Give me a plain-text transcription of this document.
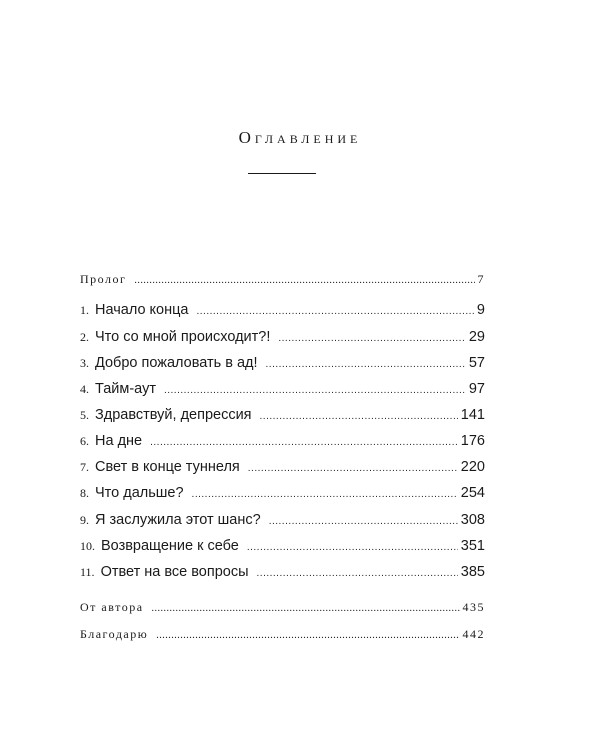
Оглавление
Пролог .....	7
1. Начало конца .....	9
2. Что со мной происходит?! .....	29
3. Добро пожаловать в ад! .....	57
4. Тайм-аут .....	97
5. Здравствуй, депрессия .....	141
6. На дне .....	176
7. Свет в конце туннеля .....	220
8. Что дальше? .....	254
9. Я заслужила этот шанс? .....	308
10. Возвращение к себе .....	351
11. Ответ на все вопросы .....	385
От автора .....	435
Благодарю .....	442
